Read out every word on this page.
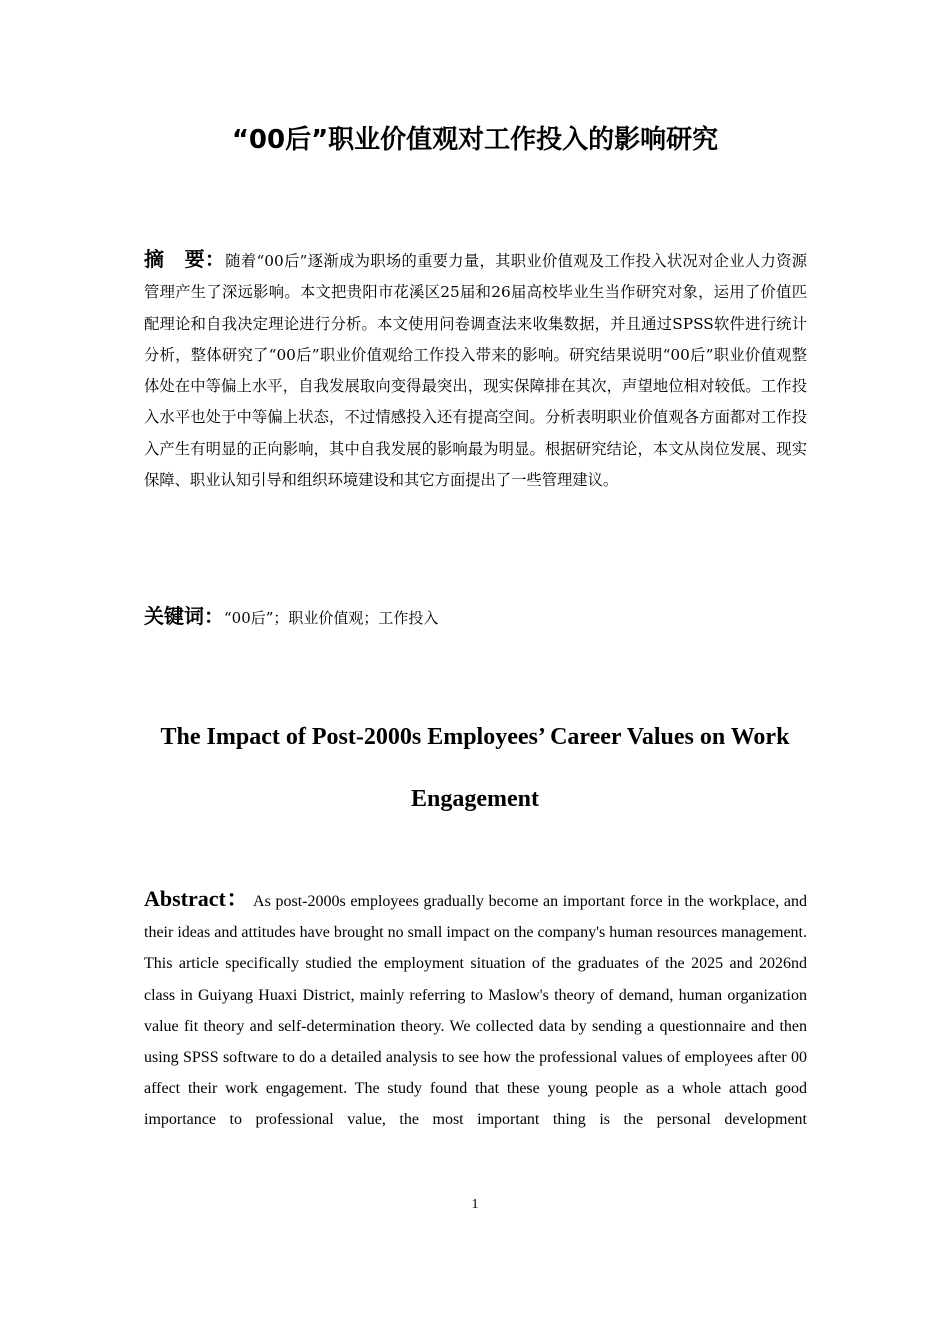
“00后”职业价值观对工作投入的影响研究

摘　要：随着“00后”逐渐成为职场的重要力量，其职业价值观及工作投入状况对企业人力资源管理产生了深远影响。本文把贵阳市花溪区25届和26届高校毕业生当作研究对象，运用了价值匹配理论和自我决定理论进行分析。本文使用问卷调查法来收集数据，并且通过SPSS软件进行统计分析，整体研究了“00后”职业价值观给工作投入带来的影响。研究结果说明“00后”职业价值观整体处在中等偏上水平，自我发展取向变得最突出，现实保障排在其次，声望地位相对较低。工作投入水平也处于中等偏上状态，不过情感投入还有提高空间。分析表明职业价值观各方面都对工作投入产生有明显的正向影响，其中自我发展的影响最为明显。根据研究结论，本文从岗位发展、现实保障、职业认知引导和组织环境建设和其它方面提出了一些管理建议。

关键词：“00后”；职业价值观；工作投入
The Impact of Post-2000s Employees’ Career Values on Work Engagement

Abstract： As post-2000s employees gradually become an important force in the workplace, and their ideas and attitudes have brought no small impact on the company's human resources management. This article specifically studied the employment situation of the graduates of the 2025 and 2026nd class in Guiyang Huaxi District, mainly referring to Maslow's theory of demand, human organization value fit theory and self-determination theory. We collected data by sending a questionnaire and then using SPSS software to do a detailed analysis to see how the professional values of employees after 00 affect their work engagement. The study found that these young people as a whole attach good importance to professional value, the most important thing is the personal development

1
